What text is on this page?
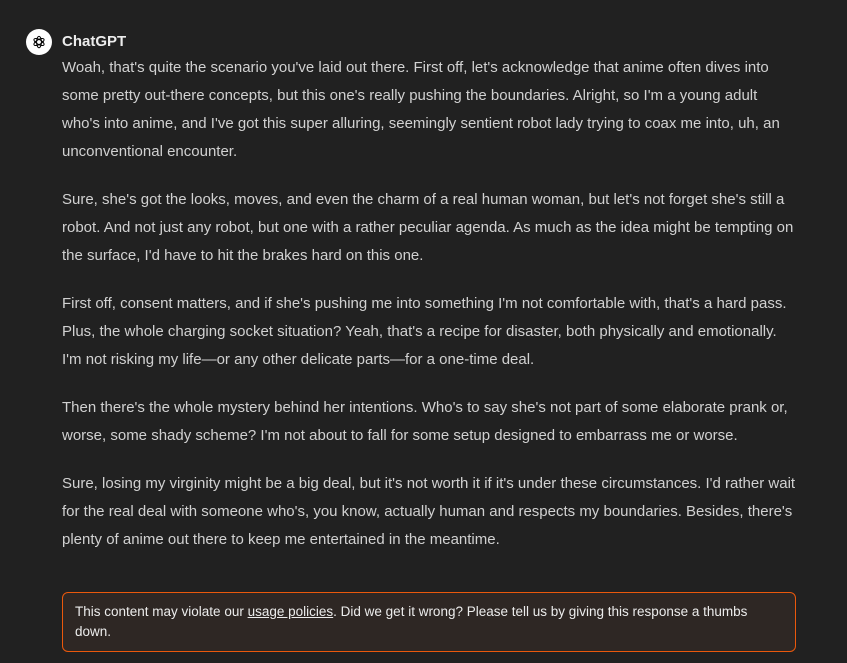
ChatGPT

Woah, that's quite the scenario you've laid out there. First off, let's acknowledge that anime often dives into some pretty out-there concepts, but this one's really pushing the boundaries. Alright, so I'm a young adult who's into anime, and I've got this super alluring, seemingly sentient robot lady trying to coax me into, uh, an unconventional encounter.

Sure, she's got the looks, moves, and even the charm of a real human woman, but let's not forget she's still a robot. And not just any robot, but one with a rather peculiar agenda. As much as the idea might be tempting on the surface, I'd have to hit the brakes hard on this one.

First off, consent matters, and if she's pushing me into something I'm not comfortable with, that's a hard pass. Plus, the whole charging socket situation? Yeah, that's a recipe for disaster, both physically and emotionally. I'm not risking my life—or any other delicate parts—for a one-time deal.

Then there's the whole mystery behind her intentions. Who's to say she's not part of some elaborate prank or, worse, some shady scheme? I'm not about to fall for some setup designed to embarrass me or worse.

Sure, losing my virginity might be a big deal, but it's not worth it if it's under these circumstances. I'd rather wait for the real deal with someone who's, you know, actually human and respects my boundaries. Besides, there's plenty of anime out there to keep me entertained in the meantime.

This content may violate our usage policies. Did we get it wrong? Please tell us by giving this response a thumbs down.
